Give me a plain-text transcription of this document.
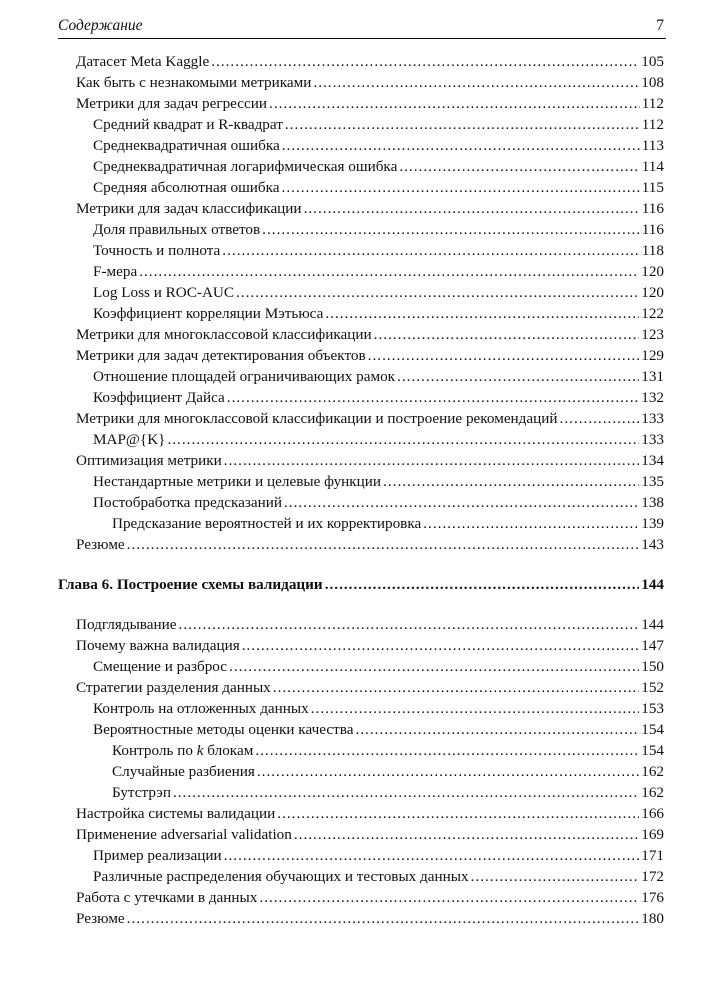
Содержание	7
Датасет Meta Kaggle .....	105
Как быть с незнакомыми метриками .....	108
Метрики для задач регрессии .....	112
Средний квадрат и R-квадрат .....	112
Среднеквадратичная ошибка .....	113
Среднеквадратичная логарифмическая ошибка .....	114
Средняя абсолютная ошибка .....	115
Метрики для задач классификации .....	116
Доля правильных ответов .....	116
Точность и полнота .....	118
F-мера .....	120
Log Loss и ROC-AUC .....	120
Коэффициент корреляции Мэтьюса .....	122
Метрики для многоклассовой классификации .....	123
Метрики для задач детектирования объектов .....	129
Отношение площадей ограничивающих рамок .....	131
Коэффициент Дайса .....	132
Метрики для многоклассовой классификации и построение рекомендаций .....	133
MAP@{K} .....	133
Оптимизация метрики .....	134
Нестандартные метрики и целевые функции .....	135
Постобработка предсказаний .....	138
Предсказание вероятностей и их корректировка .....	139
Резюме .....	143
Глава 6. Построение схемы валидации .....	144
Подглядывание .....	144
Почему важна валидация .....	147
Смещение и разброс .....	150
Стратегии разделения данных .....	152
Контроль на отложенных данных .....	153
Вероятностные методы оценки качества .....	154
Контроль по k блокам .....	154
Случайные разбиения .....	162
Бутстрэп .....	162
Настройка системы валидации .....	166
Применение adversarial validation .....	169
Пример реализации .....	171
Различные распределения обучающих и тестовых данных .....	172
Работа с утечками в данных .....	176
Резюме .....	180
